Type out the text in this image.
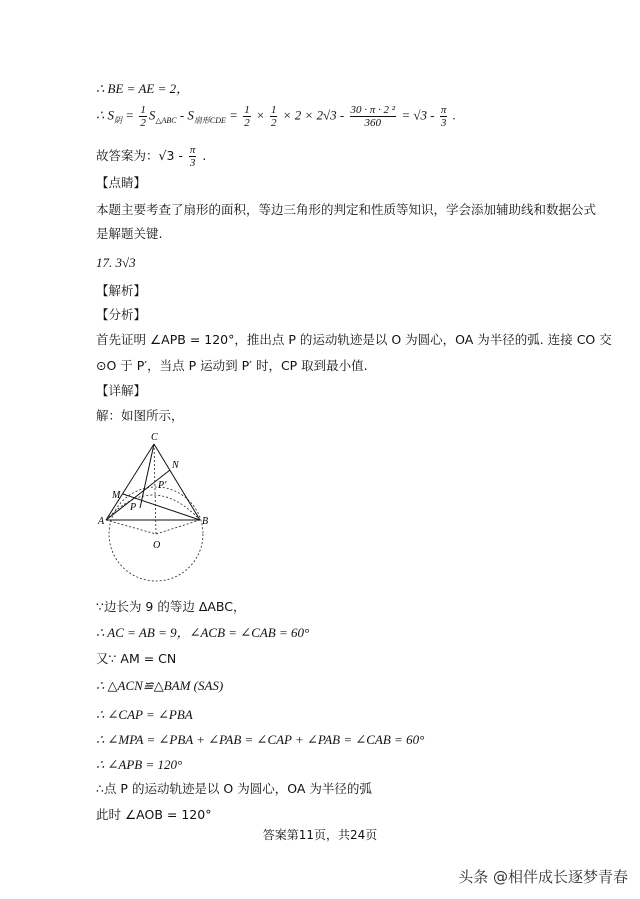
∴ BE = AE = 2，
∴ $S_阴 = \frac{1}{2} S_{\triangle ABC} - S_{扇形CDE} = \frac{1}{2} \times \frac{1}{2} \times 2 \times 2√3 - \frac{\text{30 · π · 2 ²}}{360} = √3 - \frac{\pi}{3}$ .
故答案为：$√3 - \frac{\pi}{3}$ .
【点睛】
本题主要考查了扇形的面积，等边三角形的判定和性质等知识，学会添加辅助线和数据公式
是解题关键.
17. 3√3
【解析】
【分析】
首先证明 ∠APB = 120°，推出点 P 的运动轨迹是以 O 为圆心，OA 为半径的弧. 连接 CO 交
⊙O 于 P′，当点 P 运动到 P′ 时，CP 取到最小值.
【详解】
解：如图所示，
C
N
M
P′
P
A	B
O
∵边长为 9 的等边 ΔABC，
∴ AC = AB = 9，∠ACB = ∠CAB = 60°
又∵ AM = CN
∴ △ACN≌△BAM (SAS)
∴ ∠CAP = ∠PBA
∴ ∠MPA = ∠PBA + ∠PAB = ∠CAP + ∠PAB = ∠CAB = 60°
∴ ∠APB = 120°
∴点 P 的运动轨迹是以 O 为圆心，OA 为半径的弧
此时 ∠AOB = 120°
答案第11页，共24页
头条 @相伴成长逐梦青春
